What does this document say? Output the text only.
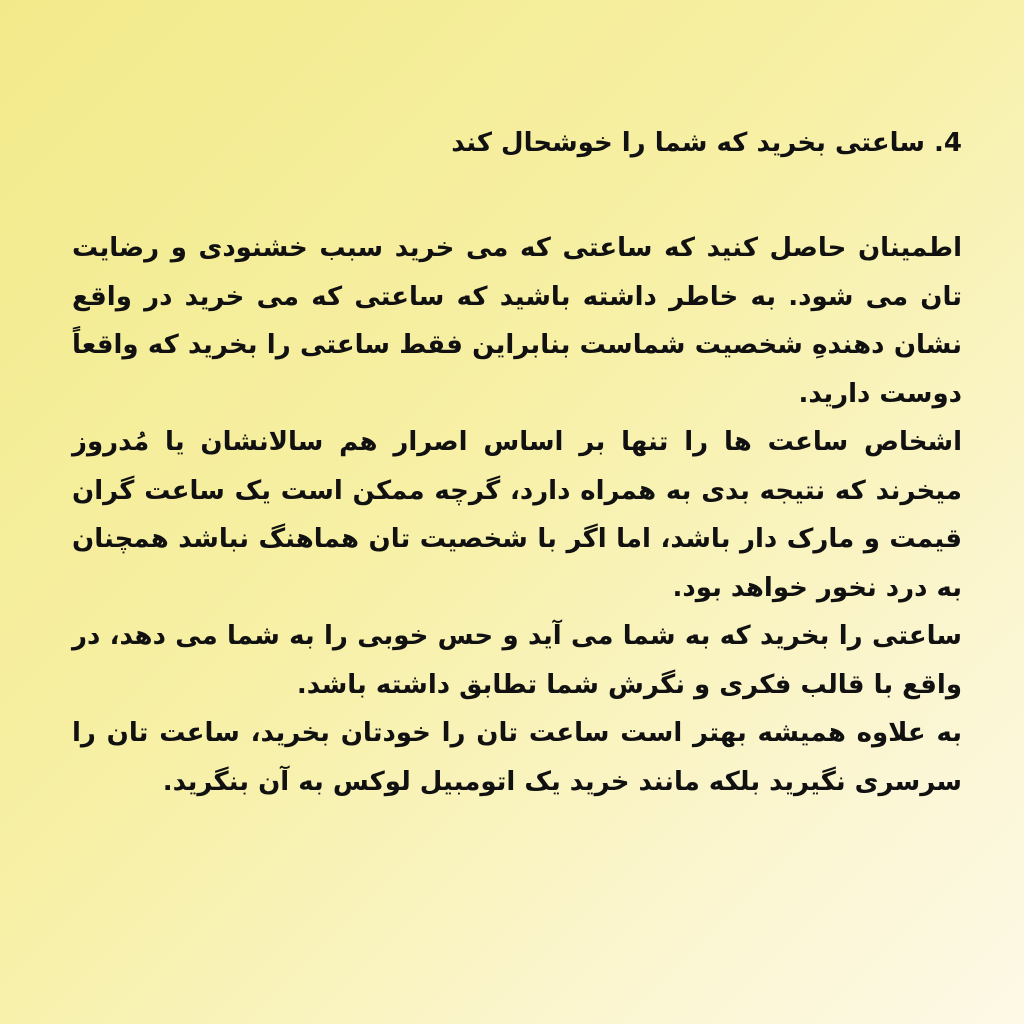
4. ساعتی بخرید که شما را خوشحال کند

اطمینان حاصل کنید که ساعتی که می خرید سبب خشنودی و رضایت تان می شود. به خاطر داشته باشید که ساعتی که می خرید در واقع نشان دهندهِ شخصیت شماست بنابراین فقط ساعتی را بخرید که واقعاً دوست دارید.

اشخاص ساعت ها را تنها بر اساس اصرار هم سالانشان یا مُدروز میخرند که نتیجه بدی به همراه دارد، گرچه ممکن است یک ساعت گران قیمت و مارک دار باشد، اما اگر با شخصیت تان هماهنگ نباشد همچنان به درد نخور خواهد بود.

ساعتی را بخرید که به شما می آید و حس خوبی را به شما می دهد، در واقع با قالب فکری و نگرش شما تطابق داشته باشد.

به علاوه همیشه بهتر است ساعت تان را خودتان بخرید، ساعت تان را سرسری نگیرید بلکه مانند خرید یک اتومبیل لوکس به آن بنگرید.
